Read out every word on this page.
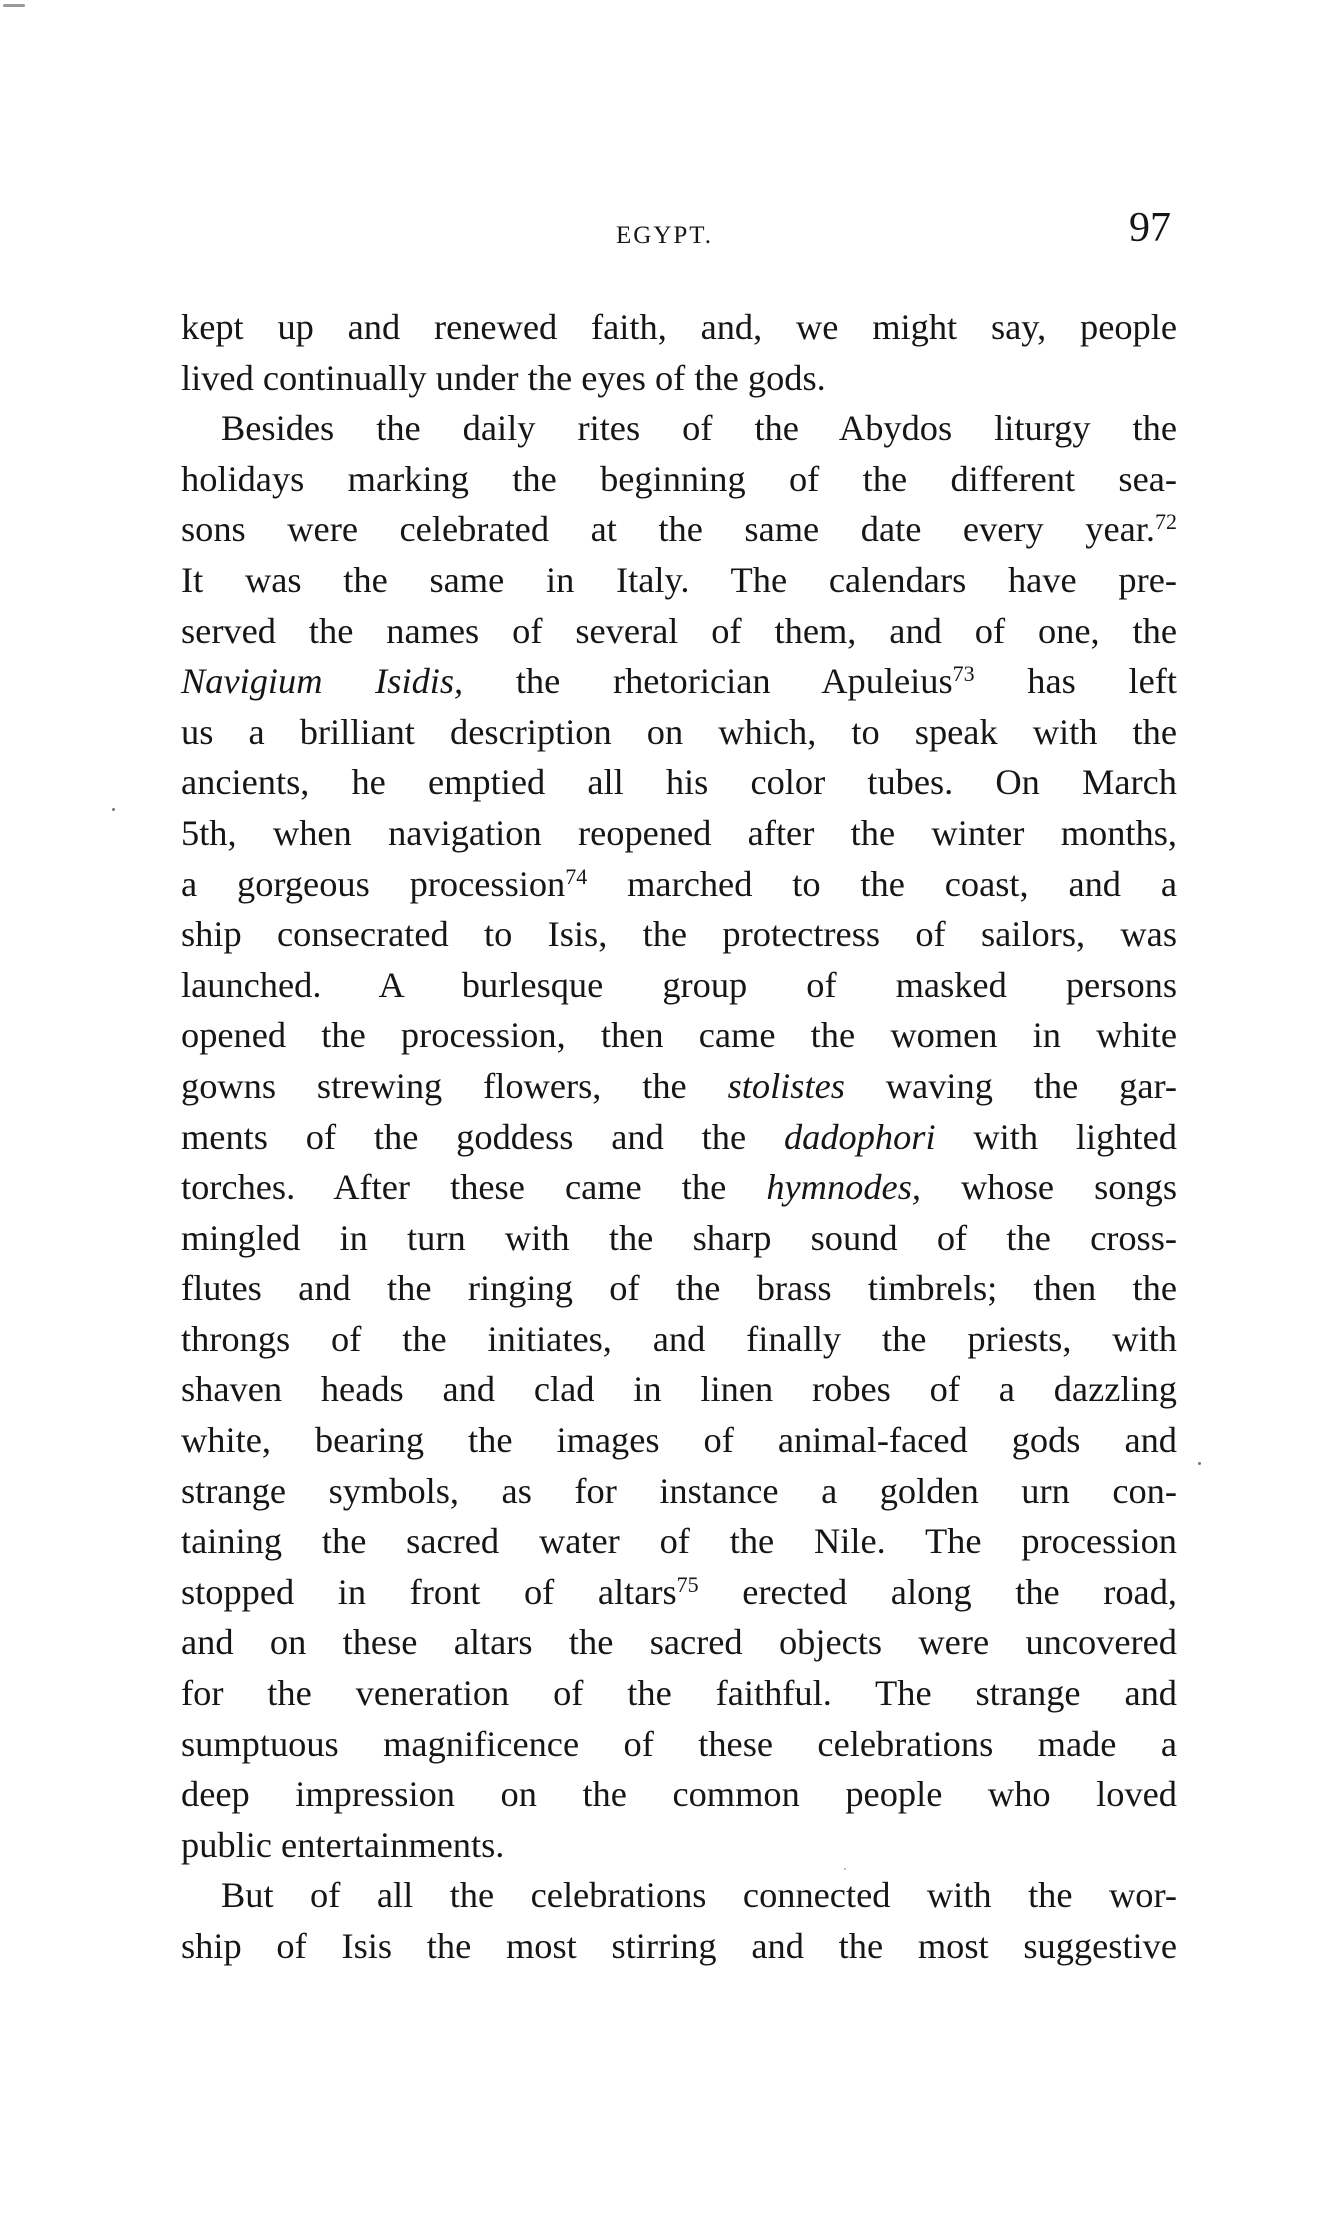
EGYPT.	97
kept up and renewed faith, and, we might say, people
lived continually under the eyes of the gods.
Besides the daily rites of the Abydos liturgy the
holidays marking the beginning of the different sea-
sons were celebrated at the same date every year.$^{72}$
It was the same in Italy. The calendars have pre-
served the names of several of them, and of one, the
Navigium Isidis, the rhetorician Apuleius$^{73}$ has left
us a brilliant description on which, to speak with the
ancients, he emptied all his color tubes. On March
5th, when navigation reopened after the winter months,
a gorgeous procession$^{74}$ marched to the coast, and a
ship consecrated to Isis, the protectress of sailors, was
launched. A burlesque group of masked persons
opened the procession, then came the women in white
gowns strewing flowers, the stolistes waving the gar-
ments of the goddess and the dadophori with lighted
torches. After these came the hymnodes, whose songs
mingled in turn with the sharp sound of the cross-
flutes and the ringing of the brass timbrels; then the
throngs of the initiates, and finally the priests, with
shaven heads and clad in linen robes of a dazzling
white, bearing the images of animal-faced gods and
strange symbols, as for instance a golden urn con-
taining the sacred water of the Nile. The procession
stopped in front of altars$^{75}$ erected along the road,
and on these altars the sacred objects were uncovered
for the veneration of the faithful. The strange and
sumptuous magnificence of these celebrations made a
deep impression on the common people who loved
public entertainments.
But of all the celebrations connected with the wor-
ship of Isis the most stirring and the most suggestive
